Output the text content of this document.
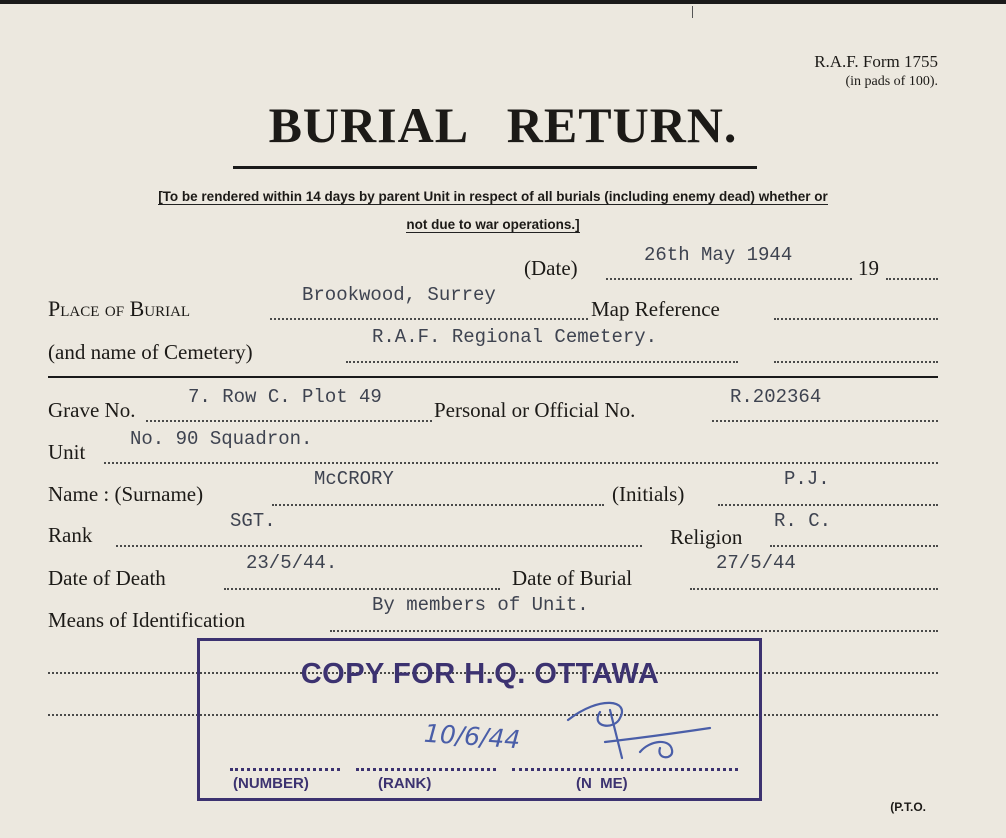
R.A.F. Form 1755
(in pads of 100).
BURIAL   RETURN.
[To be rendered within 14 days by parent Unit in respect of all burials (including enemy dead) whether or
not due to war operations.]
(Date)
26th May 1944
19
Place of Burial
Brookwood, Surrey
Map Reference
(and name of Cemetery)
R.A.F. Regional Cemetery.
Grave No.
7. Row C. Plot 49
Personal or Official No.
R.202364
Unit
No. 90 Squadron.
Name : (Surname)
McCRORY
(Initials)
P.J.
Rank
SGT.
Religion
R. C.
Date of Death
23/5/44.
Date of Burial
27/5/44
Means of Identification
By members of Unit.
COPY FOR H.Q. OTTAWA
10/6/44
(NUMBER)	(RANK)	(N  ME)
(P.T.O.
